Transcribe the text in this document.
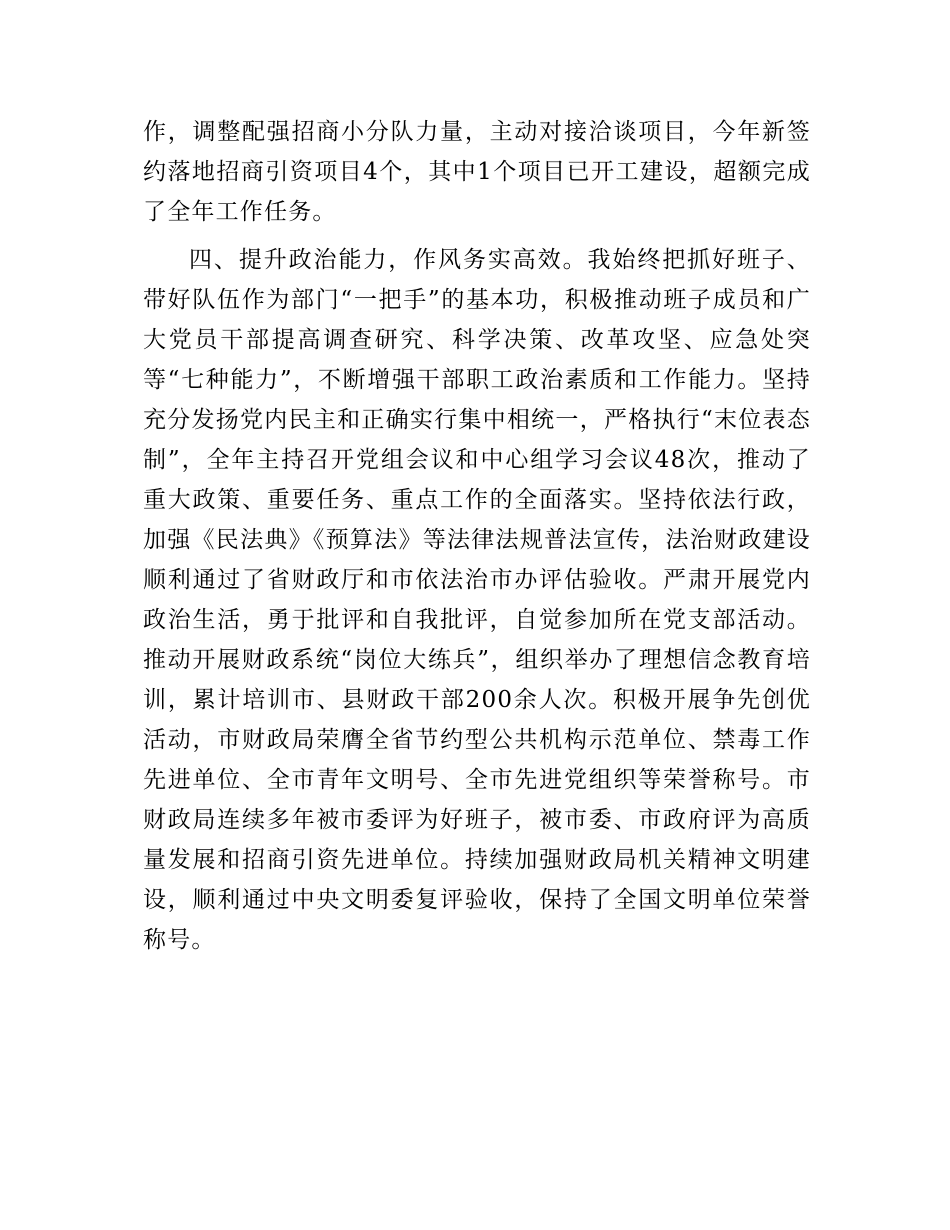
作，调整配强招商小分队力量，主动对接洽谈项目，今年新签约落地招商引资项目4个，其中1个项目已开工建设，超额完成了全年工作任务。

四、提升政治能力，作风务实高效。我始终把抓好班子、带好队伍作为部门“一把手”的基本功，积极推动班子成员和广大党员干部提高调查研究、科学决策、改革攻坚、应急处突等“七种能力”，不断增强干部职工政治素质和工作能力。坚持充分发扬党内民主和正确实行集中相统一，严格执行“末位表态制”，全年主持召开党组会议和中心组学习会议48次，推动了重大政策、重要任务、重点工作的全面落实。坚持依法行政，加强《民法典》《预算法》等法律法规普法宣传，法治财政建设顺利通过了省财政厅和市依法治市办评估验收。严肃开展党内政治生活，勇于批评和自我批评，自觉参加所在党支部活动。推动开展财政系统“岗位大练兵”，组织举办了理想信念教育培训，累计培训市、县财政干部200余人次。积极开展争先创优活动，市财政局荣膺全省节约型公共机构示范单位、禁毒工作先进单位、全市青年文明号、全市先进党组织等荣誉称号。市财政局连续多年被市委评为好班子，被市委、市政府评为高质量发展和招商引资先进单位。持续加强财政局机关精神文明建设，顺利通过中央文明委复评验收，保持了全国文明单位荣誉称号。
